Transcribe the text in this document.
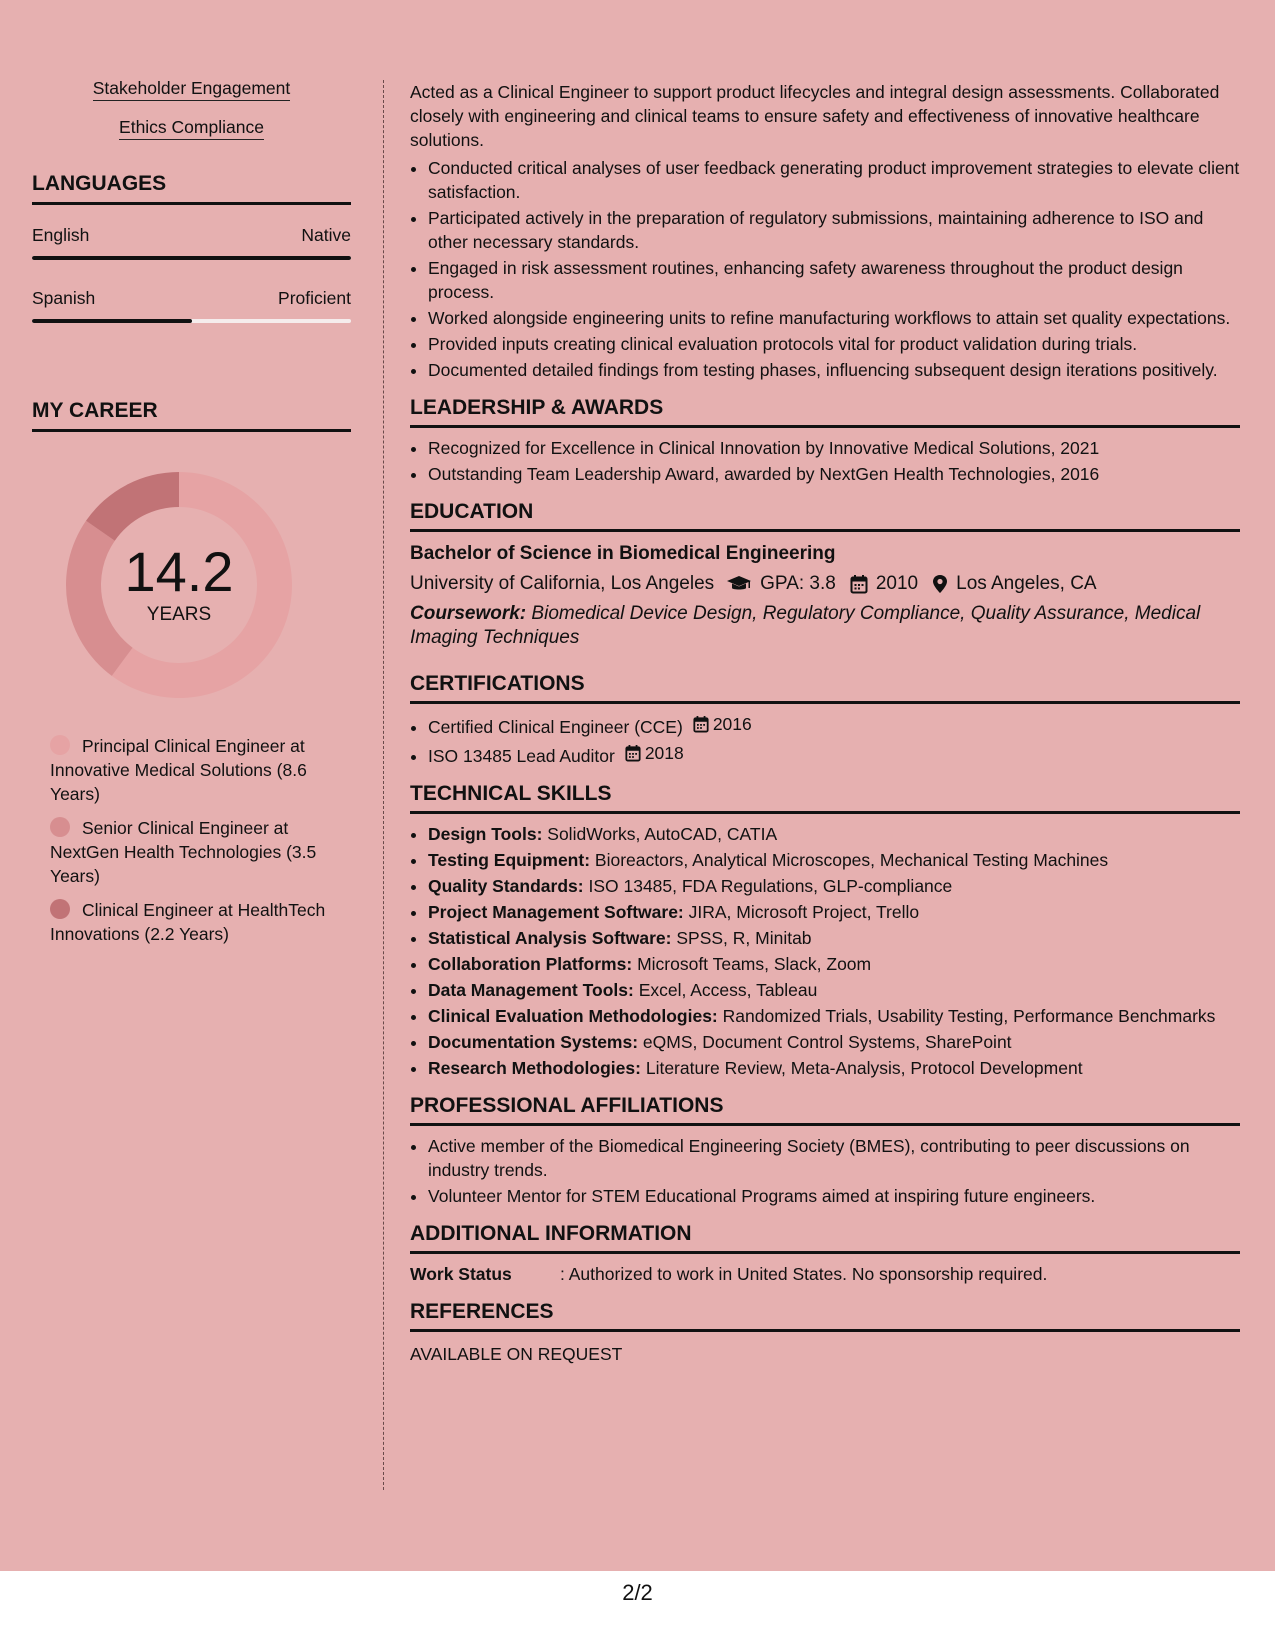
Stakeholder Engagement
Ethics Compliance
LANGUAGES
English	Native
Spanish	Proficient
MY CAREER
14.2
YEARS
Principal Clinical Engineer at Innovative Medical Solutions (8.6 Years)
Senior Clinical Engineer at NextGen Health Technologies (3.5 Years)
Clinical Engineer at HealthTech Innovations (2.2 Years)

Acted as a Clinical Engineer to support product lifecycles and integral design assessments. Collaborated closely with engineering and clinical teams to ensure safety and effectiveness of innovative healthcare solutions.

• Conducted critical analyses of user feedback generating product improvement strategies to elevate client satisfaction.
• Participated actively in the preparation of regulatory submissions, maintaining adherence to ISO and other necessary standards.
• Engaged in risk assessment routines, enhancing safety awareness throughout the product design process.
• Worked alongside engineering units to refine manufacturing workflows to attain set quality expectations.
• Provided inputs creating clinical evaluation protocols vital for product validation during trials.
• Documented detailed findings from testing phases, influencing subsequent design iterations positively.
LEADERSHIP & AWARDS
• Recognized for Excellence in Clinical Innovation by Innovative Medical Solutions, 2021
• Outstanding Team Leadership Award, awarded by NextGen Health Technologies, 2016
EDUCATION
Bachelor of Science in Biomedical Engineering
University of California, Los Angeles GPA: 3.8 2010 Los Angeles, CA
Coursework: Biomedical Device Design, Regulatory Compliance, Quality Assurance, Medical Imaging Techniques
CERTIFICATIONS
• Certified Clinical Engineer (CCE) 2016
• ISO 13485 Lead Auditor 2018
TECHNICAL SKILLS
• Design Tools: SolidWorks, AutoCAD, CATIA
• Testing Equipment: Bioreactors, Analytical Microscopes, Mechanical Testing Machines
• Quality Standards: ISO 13485, FDA Regulations, GLP-compliance
• Project Management Software: JIRA, Microsoft Project, Trello
• Statistical Analysis Software: SPSS, R, Minitab
• Collaboration Platforms: Microsoft Teams, Slack, Zoom
• Data Management Tools: Excel, Access, Tableau
• Clinical Evaluation Methodologies: Randomized Trials, Usability Testing, Performance Benchmarks
• Documentation Systems: eQMS, Document Control Systems, SharePoint
• Research Methodologies: Literature Review, Meta-Analysis, Protocol Development
PROFESSIONAL AFFILIATIONS
• Active member of the Biomedical Engineering Society (BMES), contributing to peer discussions on industry trends.
• Volunteer Mentor for STEM Educational Programs aimed at inspiring future engineers.
ADDITIONAL INFORMATION
Work Status	: Authorized to work in United States. No sponsorship required.
REFERENCES
AVAILABLE ON REQUEST
2/2
